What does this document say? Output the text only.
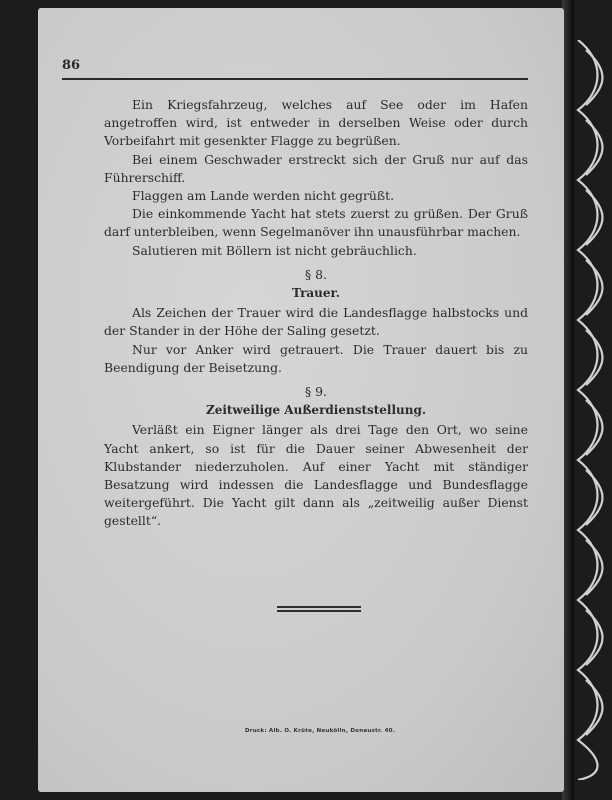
86

Ein Kriegsfahrzeug, welches auf See oder im Hafen angetroffen wird, ist entweder in derselben Weise oder durch Vorbeifahrt mit gesenkter Flagge zu begrüßen.

Bei einem Geschwader erstreckt sich der Gruß nur auf das Führerschiff.

Flaggen am Lande werden nicht gegrüßt.

Die einkommende Yacht hat stets zuerst zu grüßen. Der Gruß darf unterbleiben, wenn Segelmanöver ihn unausführbar machen.

Salutieren mit Böllern ist nicht gebräuchlich.

§ 8.
Trauer.

Als Zeichen der Trauer wird die Landesflagge halbstocks und der Stander in der Höhe der Saling gesetzt.

Nur vor Anker wird getrauert. Die Trauer dauert bis zu Beendigung der Beisetzung.

§ 9.
Zeitweilige Außerdienststellung.

Verläßt ein Eigner länger als drei Tage den Ort, wo seine Yacht ankert, so ist für die Dauer seiner Abwesenheit der Klubstander niederzuholen. Auf einer Yacht mit ständiger Besatzung wird indessen die Landesflagge und Bundesflagge weitergeführt. Die Yacht gilt dann als „zeitweilig außer Dienst gestellt“.

Druck: Alb. O. Krüte, Neukölln, Donaustr. 40.
